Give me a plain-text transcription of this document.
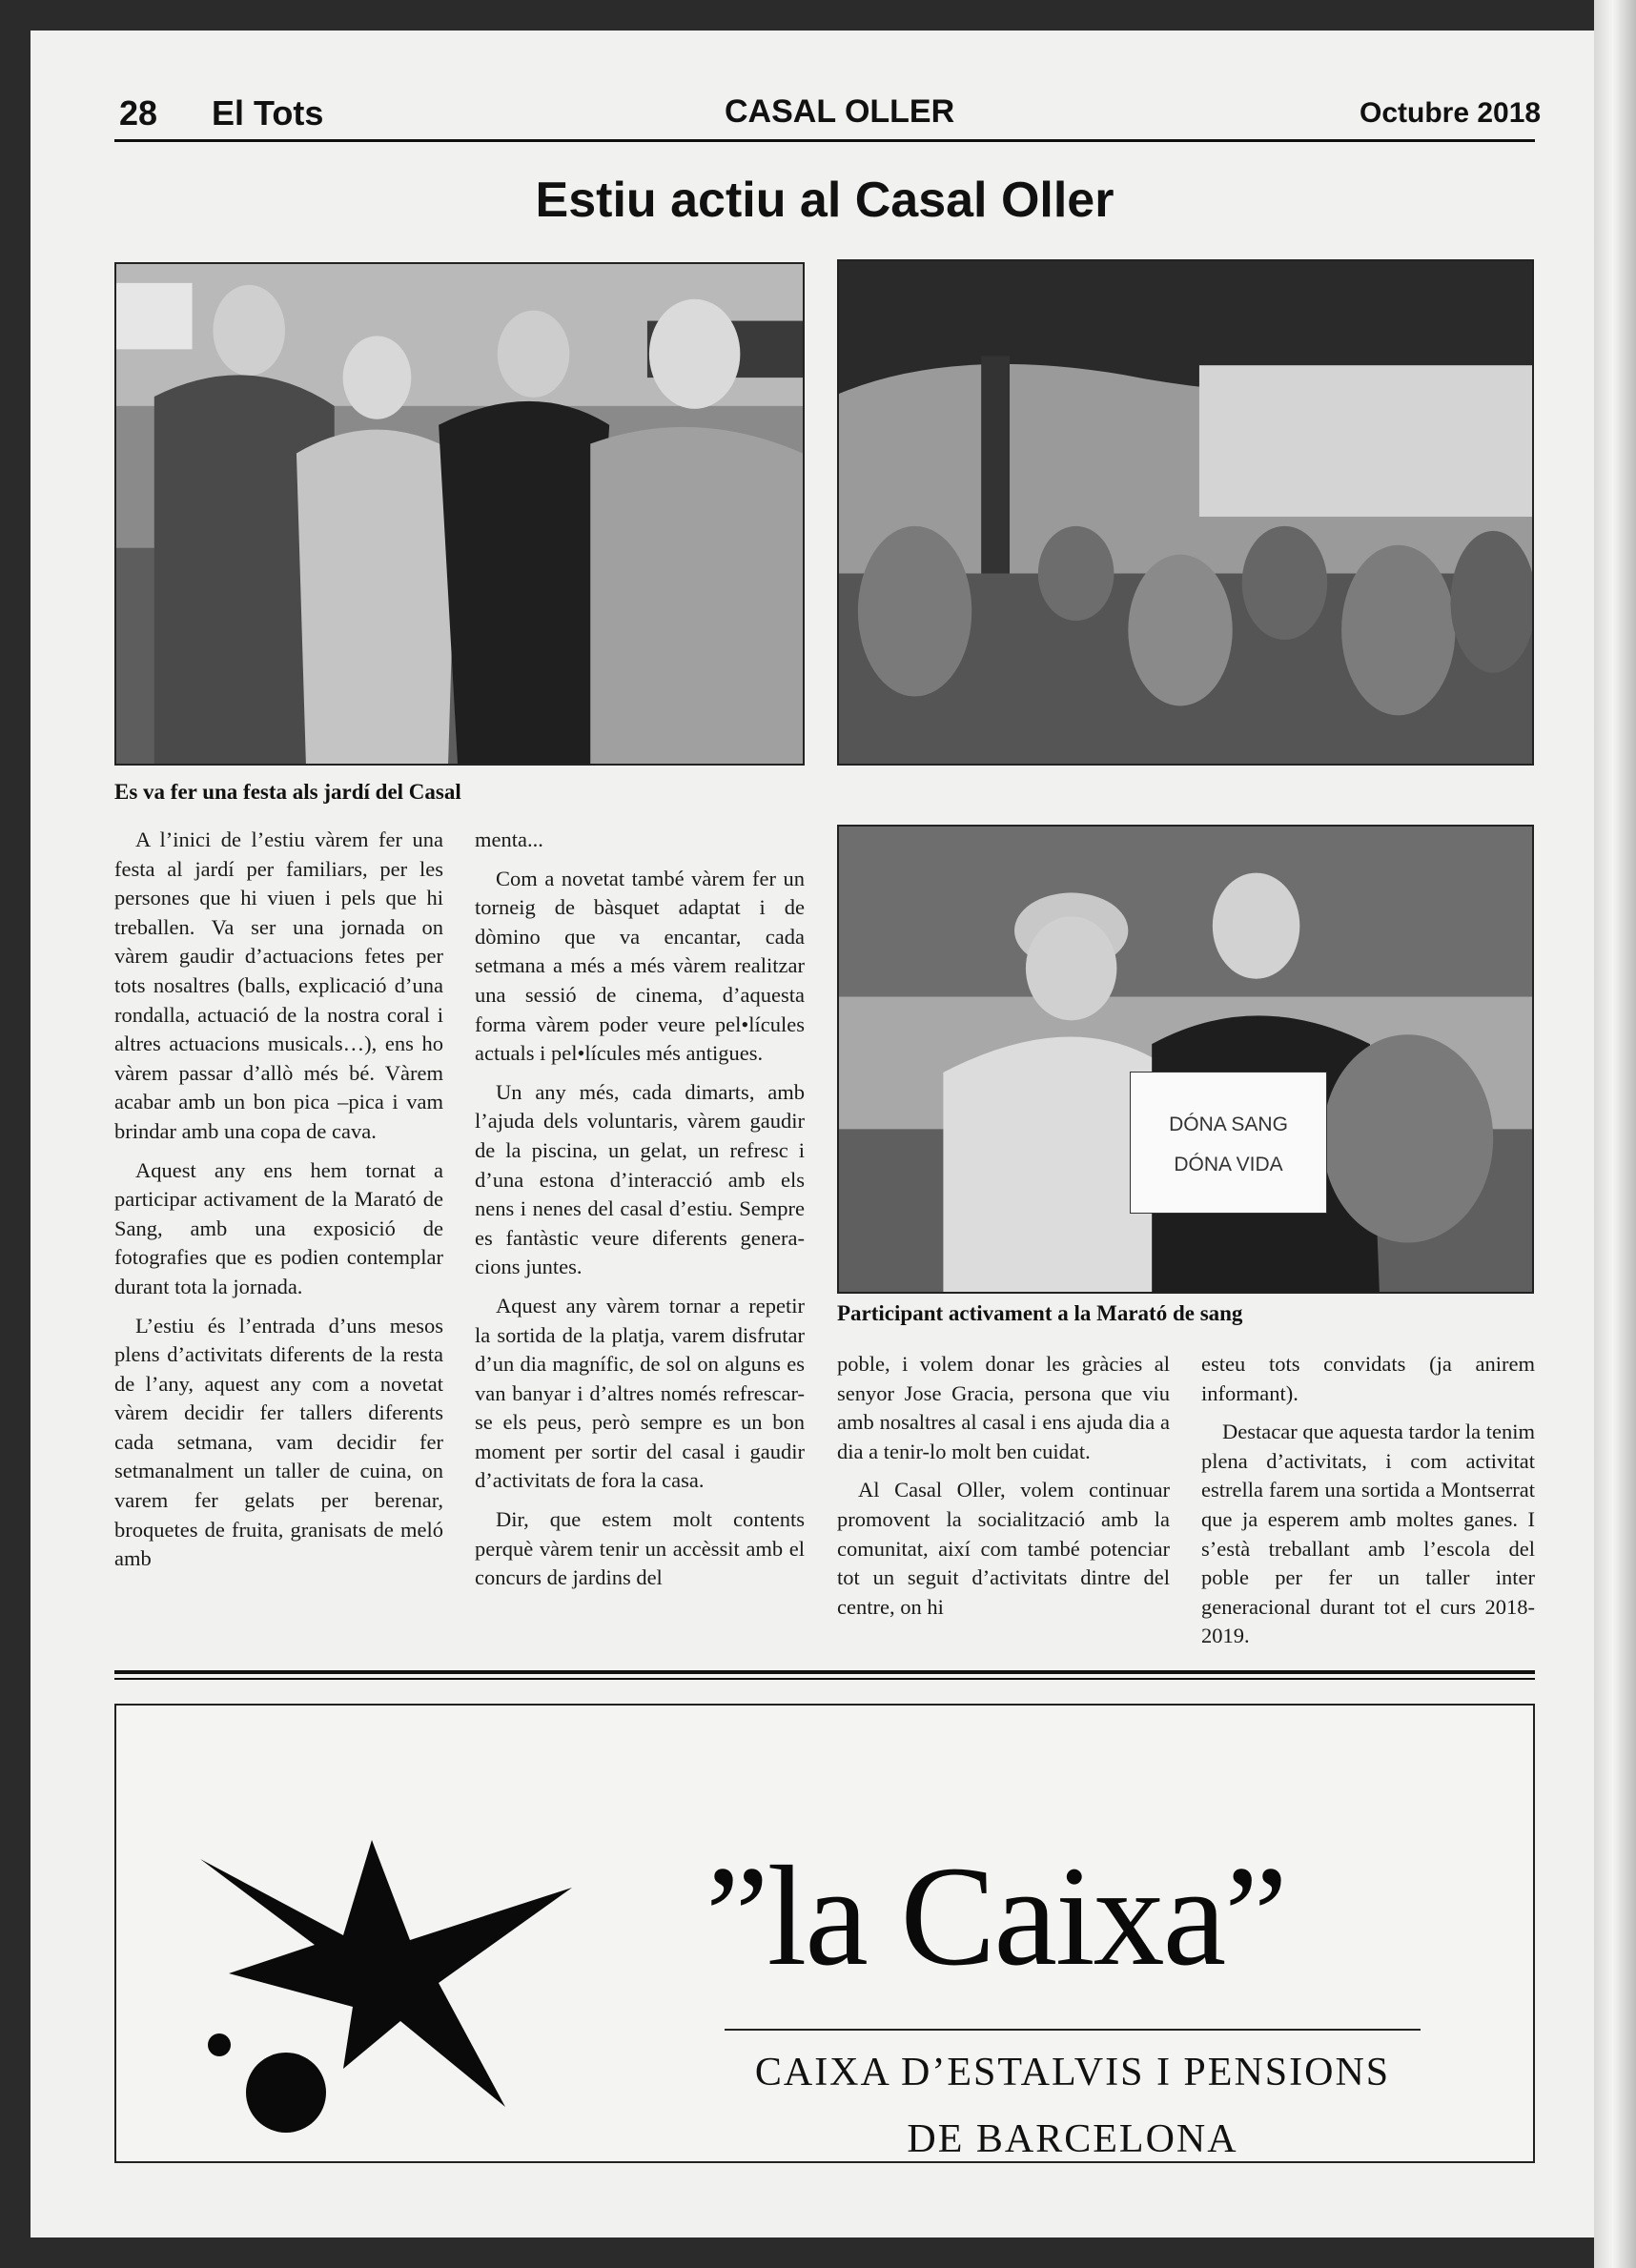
28 El Tots	CASAL OLLER	Octubre 2018
Estiu actiu al Casal Oller
DÓNA SANG
DÓNA VIDA
Es va fer una festa als jardí del Casal
Participant activament a la Marató de sang

A l’inici de l’estiu vàrem fer una festa al jardí per familiars, per les persones que hi viuen i pels que hi treballen. Va ser una jornada on vàrem gaudir d’actuacions fetes per tots nosaltres (balls, explicació d’una rondalla, actuació de la nostra coral i altres actuacions musicals…), ens ho vàrem passar d’allò més bé. Vàrem acabar amb un bon pica –pica i vam brindar amb una copa de cava.

Aquest any ens hem tornat a participar activament de la Marató de Sang, amb una exposició de fotografies que es podien contemplar durant tota la jornada.

L’estiu és l’entrada d’uns mesos plens d’activitats diferents de la resta de l’any, aquest any com a novetat vàrem decidir fer tallers diferents cada setmana, vam decidir fer setmanalment un taller de cuina, on varem fer gelats per berenar, broquetes de fruita, granisats de meló amb

menta...

Com a novetat també vàrem fer un torneig de bàsquet adaptat i de dòmino que va encantar, cada setmana a més a més vàrem realitzar una sessió de cinema, d’aquesta forma vàrem poder veure pel•lícules actuals i pel•lícules més antigues.

Un any més, cada dimarts, amb l’ajuda dels voluntaris, vàrem gaudir de la piscina, un gelat, un refresc i d’una estona d’interacció amb els nens i nenes del casal d’estiu. Sempre es fantàstic veure diferents generacions juntes.

Aquest any vàrem tornar a repetir la sortida de la platja, varem disfrutar d’un dia magnífic, de sol on alguns es van banyar i d’altres només refrescar-se els peus, però sempre es un bon moment per sortir del casal i gaudir d’activitats de fora la casa.

Dir, que estem molt contents perquè vàrem tenir un accèssit amb el concurs de jardins del

poble, i volem donar les gràcies al senyor Jose Gracia, persona que viu amb nosaltres al casal i ens ajuda dia a dia a tenir-lo molt ben cuidat.

Al Casal Oller, volem continuar promovent la socialització amb la comunitat, així com també potenciar tot un seguit d’activitats dintre del centre, on hi

esteu tots convidats (ja anirem informant).

Destacar que aquesta tardor la tenim plena d’activitats, i com activitat estrella farem una sortida a Montserrat que ja esperem amb moltes ganes. I s’està treballant amb l’escola del poble per fer un taller inter generacional durant tot el curs 2018-2019.

”la Caixa”
CAIXA D’ESTALVIS I PENSIONS
DE BARCELONA
